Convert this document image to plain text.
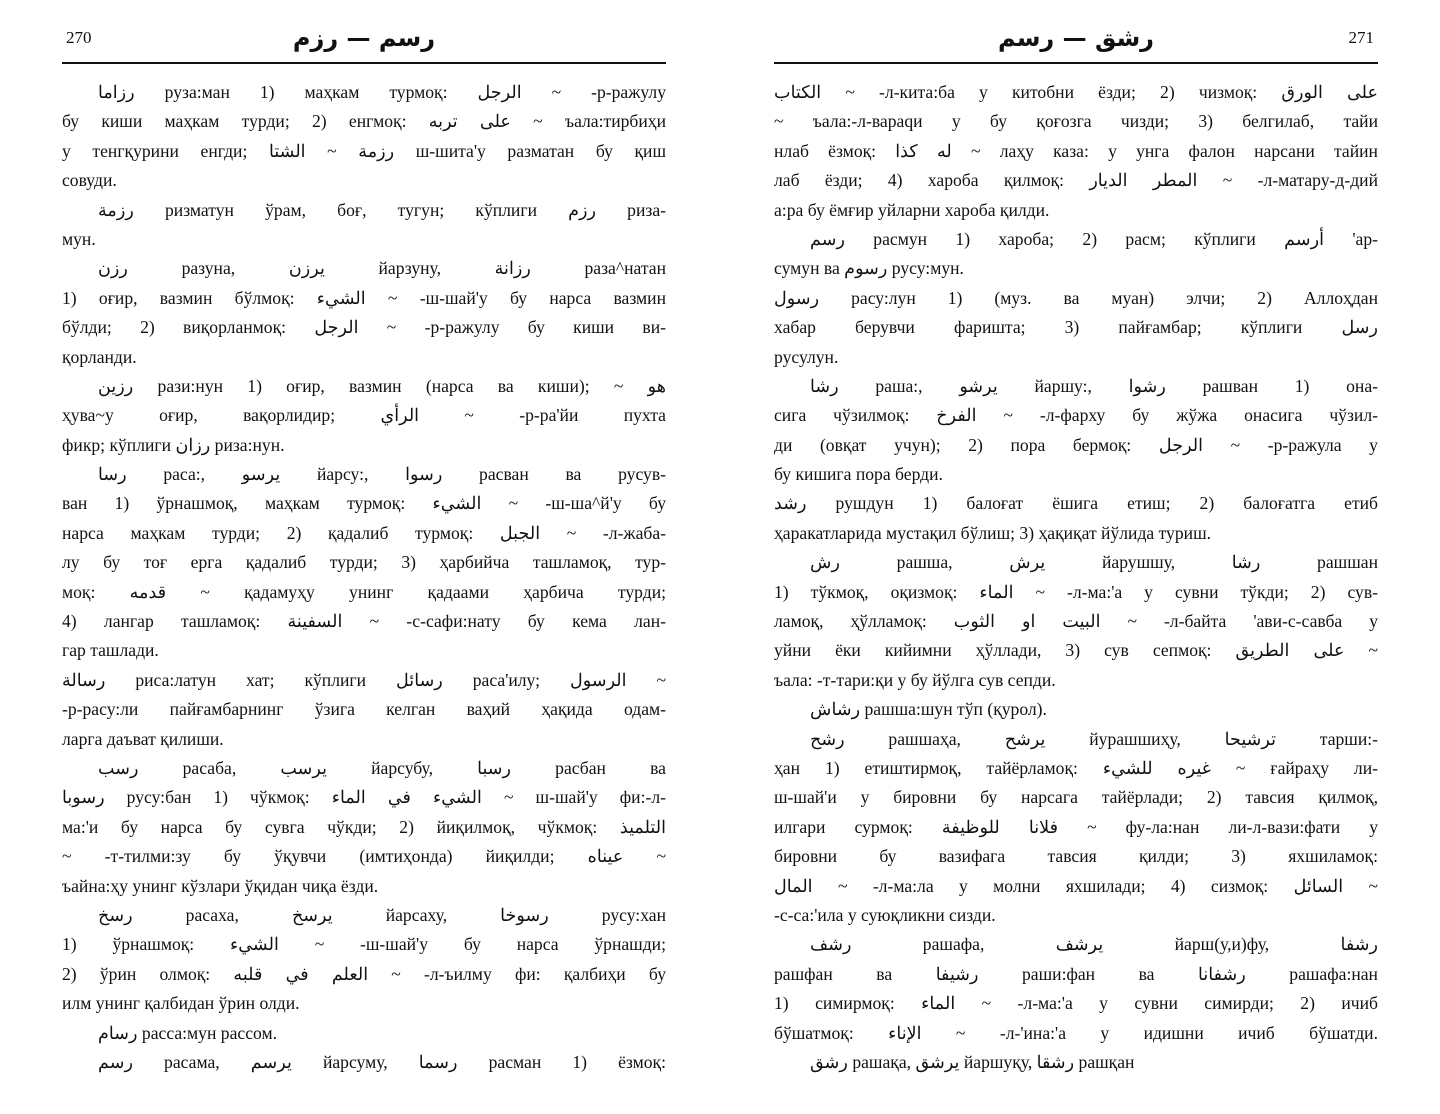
270	رسم — رزم
رزاما руза:ман 1) маҳкам турмоқ: الرجل ~ -р-ражулу
бу киши маҳкам турди; 2) енгмоқ: على تربه ~ ъала:тирбиҳи
у тенгқурини енгди; رزمة ~ الشتا ш-шита'у разматан бу қиш
совуди.
رزمة ризматун ўрам, боғ, тугун; кўплиги رزم риза-
мун.
رزن разуна, يرزن йарзуну, رزانة раза^натан
1) оғир, вазмин бўлмоқ: الشيء ~ -ш-шай'у бу нарса вазмин
бўлди; 2) виқорланмоқ: الرجل ~ -р-ражулу бу киши ви-
қорланди.
رزين рази:нун 1) оғир, вазмин (нарса ва киши); ~ هو
ҳува~у оғир, вақорлидир; الرأي ~ -р-ра'йи пухта
фикр; кўплиги رزان риза:нун.
رسا раса:, يرسو йарсу:, رسوا расван ва русув-
ван 1) ўрнашмоқ, маҳкам турмоқ: الشيء ~ -ш-ша^й'у бу
нарса маҳкам турди; 2) қадалиб турмоқ: الجبل ~ -л-жаба-
лу бу тоғ ерга қадалиб турди; 3) ҳарбийча ташламоқ, тур-
моқ: قدمه ~ қадамуҳу унинг қадаами ҳарбича турди;
4) лангар ташламоқ: السفينة ~ -с-сафи:нату бу кема лан-
гар ташлади.
رسالة риса:латун хат; кўплиги رسائل раса'илу; الرسول ~
-р-расу:ли пайғамбарнинг ўзига келган ваҳий ҳақида одам-
ларга даъват қилиши.
رسب расаба, يرسب йарсубу, رسبا расбан ва
رسوبا русу:бан 1) чўкмоқ: الشيء في الماء ~ ш-шай'у фи:-л-
ма:'и бу нарса бу сувга чўкди; 2) йиқилмоқ, чўкмоқ: التلميذ
~ -т-тилми:зу бу ўқувчи (имтиҳонда) йиқилди; عيناه ~
ъайна:ҳу унинг кўзлари ўқидан чиқа ёзди.
رسخ расаха, يرسخ йарсаху, رسوخا русу:хан
1) ўрнашмоқ: الشيء ~ -ш-шай'у бу нарса ўрнашди;
2) ўрин олмоқ: العلم في قلبه ~ -л-ъилму фи: қалбиҳи бу
илм унинг қалбидан ўрин олди.
رسام расса:мун рассом.
رسم расама, يرسم йарсуму, رسما расман 1) ёзмоқ:
271
رشق — رسم
الكتاب ~ -л-кита:ба у китобни ёзди; 2) чизмоқ: على الورق
~ ъала:-л-вараqи у бу қоғозга чизди; 3) белгилаб, тайи
нлаб ёзмоқ: له كذا ~ лаҳу каза: у унга фалон нарсани тайин
лаб ёзди; 4) хароба қилмоқ: المطر الديار ~ -л-матару-д-дий
а:ра бу ёмғир уйларни хароба қилди.
رسم расмун 1) хароба; 2) расм; кўплиги أرسم 'ар-
сумун ва رسوم русу:мун.
رسول расу:лун 1) (муз. ва муан) элчи; 2) Аллоҳдан
хабар берувчи фаришта; 3) пайғамбар; кўплиги رسل
русулун.
رشا раша:, يرشو йаршу:, رشوا рашван 1) она-
сига чўзилмоқ: الفرخ ~ -л-фарху бу жўжа онасига чўзил-
ди (овқат учун); 2) пора бермоқ: الرجل ~ -р-ражула у
бу кишига пора берди.
رشد рушдун 1) балоғат ёшига етиш; 2) балоғатга етиб
ҳаракатларида мустақил бўлиш; 3) ҳақиқат йўлида туриш.
رش рашша, يرش йарушшу, رشا рашшан
1) тўкмоқ, оқизмоқ: الماء ~ -л-ма:'а у сувни тўкди; 2) сув-
ламоқ, ҳўлламоқ: البيت او الثوب ~ -л-байта 'ави-с-савба у
уйни ёки кийимни ҳўллади, 3) сув сепмоқ: على الطريق ~
ъала: -т-тари:қи у бу йўлга сув сепди.
رشاش рашша:шун тўп (қурол).
رشح рашшаҳа, يرشح йурашшиҳу, ترشيحا тарши:-
ҳан 1) етиштирмоқ, тайёрламоқ: غيره للشيء ~ ғайраҳу ли-
ш-шай'и у бировни бу нарсага тайёрлади; 2) тавсия қилмоқ,
илгари сурмоқ: فلانا للوظيفة ~ фу-ла:нан ли-л-вази:фати у
бировни бу вазифага тавсия қилди; 3) яхшиламоқ:
المال ~ -л-ма:ла у молни яхшилади; 4) сизмоқ: السائل ~
-с-са:'ила у суюқликни сизди.
رشف рашафа, يرشف йарш(у,и)фу, رشفا
рашфан ва رشيفا раши:фан ва رشفانا рашафа:нан
1) симирмоқ: الماء ~ -л-ма:'а у сувни симирди; 2) ичиб
бўшатмоқ: الإناء ~ -л-'ина:'а у идишни ичиб бўшатди.
رشق рашақа, يرشق йаршуқу, رشقا рашқан
